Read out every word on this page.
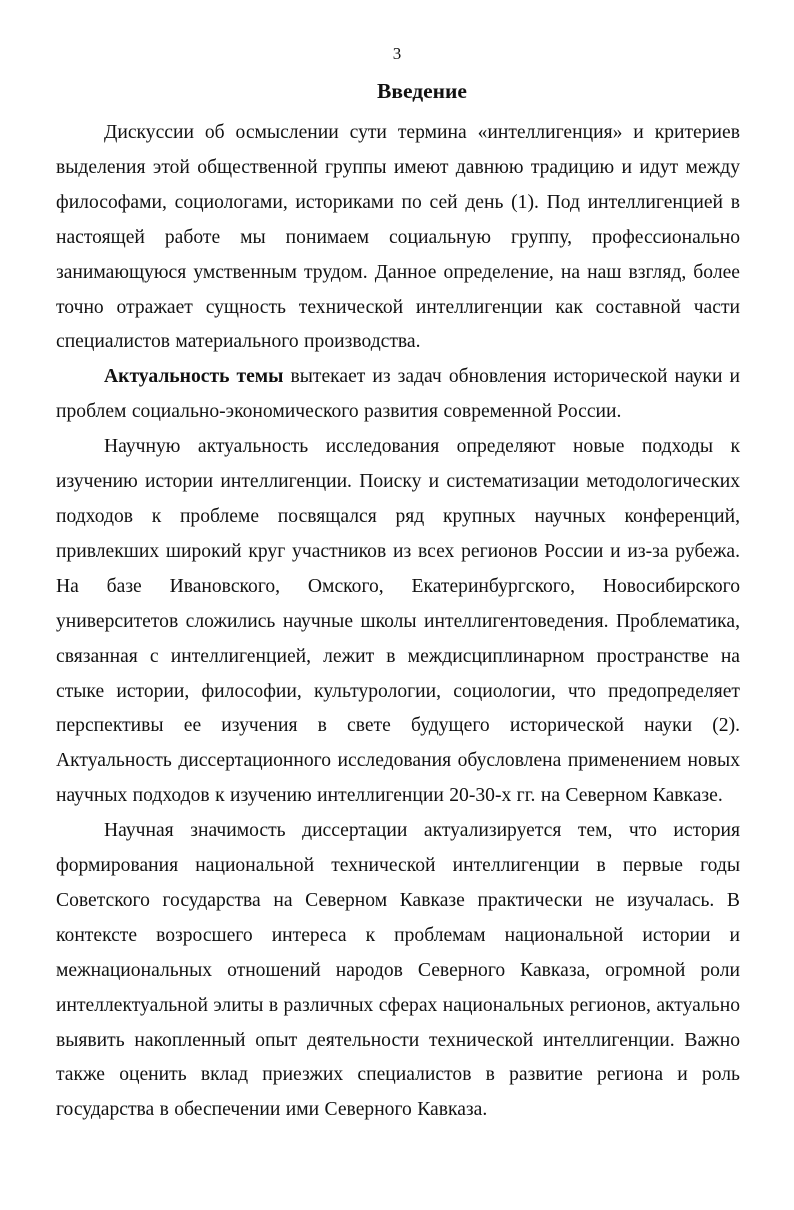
3
Введение

Дискуссии об осмыслении сути термина «интеллигенция» и критериев выделения этой общественной группы имеют давнюю традицию и идут между философами, социологами, историками по сей день (1). Под интеллигенцией в настоящей работе мы понимаем социальную группу, профессионально занимающуюся умственным трудом. Данное определение, на наш взгляд, более точно отражает сущность технической интеллигенции как составной части специалистов материального производства.

Актуальность темы вытекает из задач обновления исторической науки и проблем социально-экономического развития современной России.

Научную актуальность исследования определяют новые подходы к изучению истории интеллигенции. Поиску и систематизации методологических подходов к проблеме посвящался ряд крупных научных конференций, привлекших широкий круг участников из всех регионов России и из-за рубежа. На базе Ивановского, Омского, Екатеринбургского, Новосибирского университетов сложились научные школы интеллигентоведения. Проблематика, связанная с интеллигенцией, лежит в междисциплинарном пространстве на стыке истории, философии, культурологии, социологии, что предопределяет перспективы ее изучения в свете будущего исторической науки (2). Актуальность диссертационного исследования обусловлена применением новых научных подходов к изучению интеллигенции 20-30-х гг. на Северном Кавказе.

Научная значимость диссертации актуализируется тем, что история формирования национальной технической интеллигенции в первые годы Советского государства на Северном Кавказе практически не изучалась. В контексте возросшего интереса к проблемам национальной истории и межнациональных отношений народов Северного Кавказа, огромной роли интеллектуальной элиты в различных сферах национальных регионов, актуально выявить накопленный опыт деятельности технической интеллигенции. Важно также оценить вклад приезжих специалистов в развитие региона и роль государства в обеспечении ими Северного Кавказа.
